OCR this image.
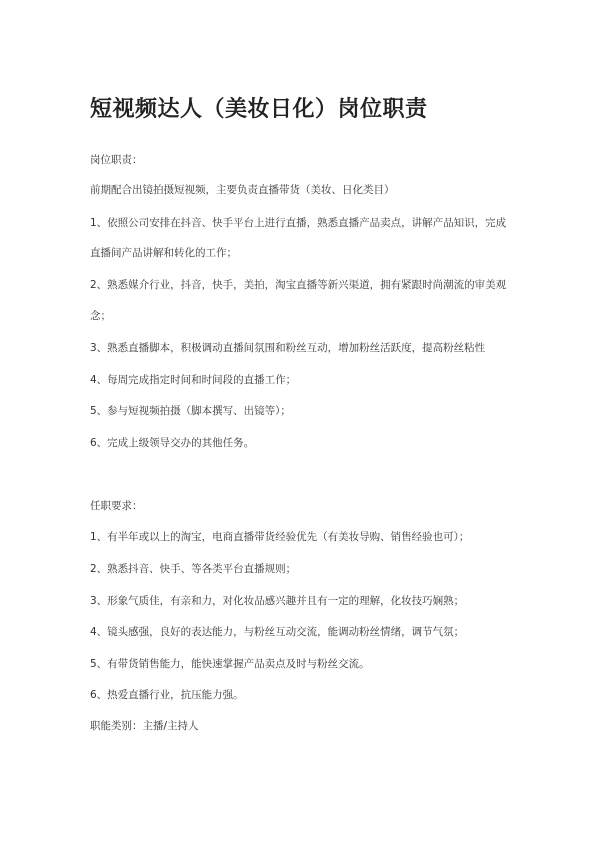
短视频达人（美妆日化）岗位职责
岗位职责：
前期配合出镜拍摄短视频，主要负责直播带货（美妆、日化类目）
1、依照公司安排在抖音、快手平台上进行直播，熟悉直播产品卖点，讲解产品知识，完成
直播间产品讲解和转化的工作；
2、熟悉媒介行业，抖音，快手，美拍，淘宝直播等新兴渠道，拥有紧跟时尚潮流的审美观
念；
3、熟悉直播脚本，积极调动直播间氛围和粉丝互动，增加粉丝活跃度，提高粉丝粘性
4、每周完成指定时间和时间段的直播工作；
5、参与短视频拍摄（脚本撰写、出镜等）；
6、完成上级领导交办的其他任务。
任职要求：
1、有半年或以上的淘宝，电商直播带货经验优先（有美妆导购、销售经验也可）；
2、熟悉抖音、快手、等各类平台直播规则；
3、形象气质佳，有亲和力，对化妆品感兴趣并且有一定的理解，化妆技巧娴熟；
4、镜头感强，良好的表达能力，与粉丝互动交流，能调动粉丝情绪，调节气氛；
5、有带货销售能力，能快速掌握产品卖点及时与粉丝交流。
6、热爱直播行业，抗压能力强。
职能类别：主播/主持人
